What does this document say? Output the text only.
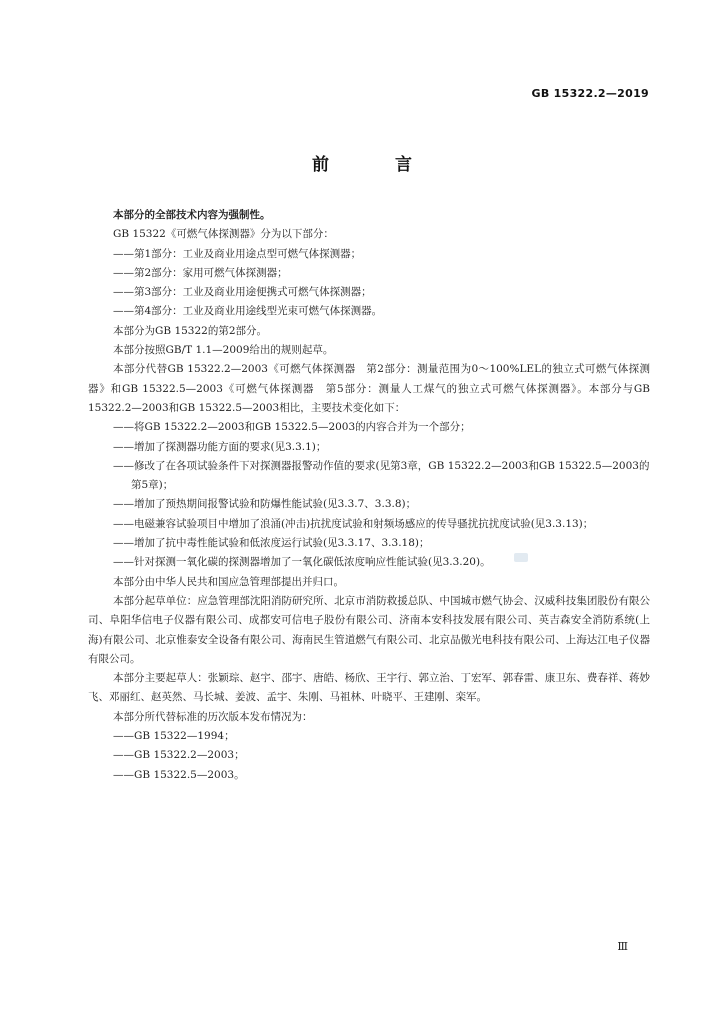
GB 15322.2—2019
前 言

本部分的全部技术内容为强制性。

GB 15322《可燃气体探测器》分为以下部分：

——第1部分：工业及商业用途点型可燃气体探测器；

——第2部分：家用可燃气体探测器；

——第3部分：工业及商业用途便携式可燃气体探测器；

——第4部分：工业及商业用途线型光束可燃气体探测器。

本部分为GB 15322的第2部分。

本部分按照GB/T 1.1—2009给出的规则起草。

本部分代替GB 15322.2—2003《可燃气体探测器　第2部分：测量范围为0～100%LEL的独立式可燃气体探测器》和GB 15322.5—2003《可燃气体探测器　第5部分：测量人工煤气的独立式可燃气体探测器》。本部分与GB 15322.2—2003和GB 15322.5—2003相比，主要技术变化如下：

——将GB 15322.2—2003和GB 15322.5—2003的内容合并为一个部分；

——增加了探测器功能方面的要求(见3.3.1)；

——修改了在各项试验条件下对探测器报警动作值的要求(见第3章，GB 15322.2—2003和GB 15322.5—2003的第5章)；

——增加了预热期间报警试验和防爆性能试验(见3.3.7、3.3.8)；

——电磁兼容试验项目中增加了浪涌(冲击)抗扰度试验和射频场感应的传导骚扰抗扰度试验(见3.3.13)；

——增加了抗中毒性能试验和低浓度运行试验(见3.3.17、3.3.18)；

——针对探测一氧化碳的探测器增加了一氧化碳低浓度响应性能试验(见3.3.20)。

本部分由中华人民共和国应急管理部提出并归口。

本部分起草单位：应急管理部沈阳消防研究所、北京市消防救援总队、中国城市燃气协会、汉威科技集团股份有限公司、阜阳华信电子仪器有限公司、成都安可信电子股份有限公司、济南本安科技发展有限公司、英吉森安全消防系统(上海)有限公司、北京惟泰安全设备有限公司、海南民生管道燃气有限公司、北京品傲光电科技有限公司、上海达江电子仪器有限公司。

本部分主要起草人：张颖琮、赵宇、邵宇、唐皓、杨欣、王宇行、郭立治、丁宏军、郭春雷、康卫东、费春祥、蒋妙飞、邓丽红、赵英然、马长城、姜波、孟宇、朱刚、马祖林、叶晓平、王建刚、栾军。

本部分所代替标准的历次版本发布情况为：

——GB 15322—1994；

——GB 15322.2—2003；

——GB 15322.5—2003。

Ⅲ
